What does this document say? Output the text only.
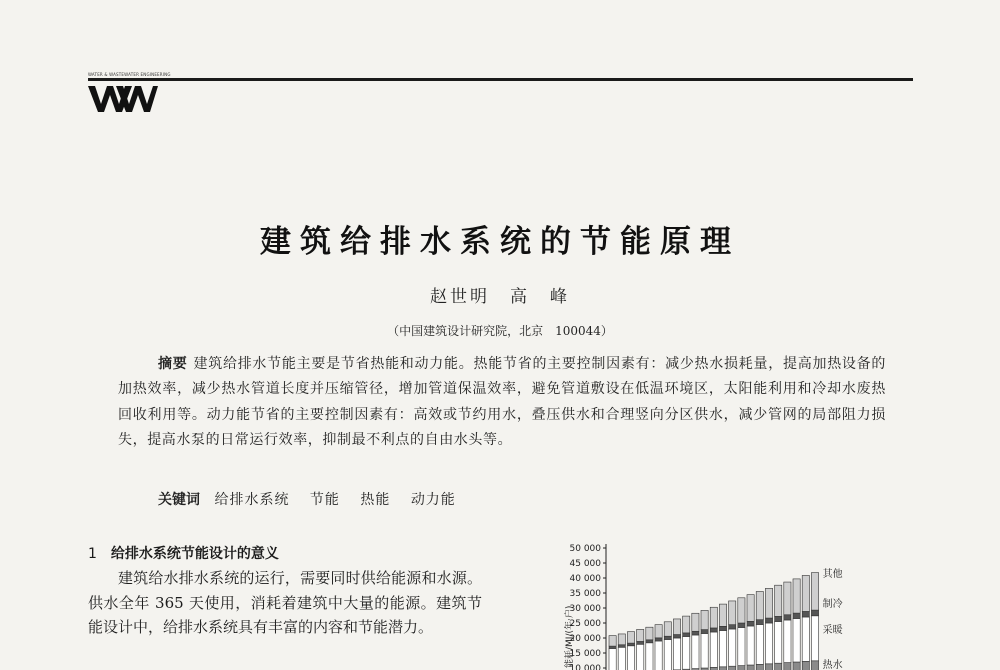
WATER & WASTEWATER ENGINEERING
建筑给排水系统的节能原理
赵世明　高　峰
（中国建筑设计研究院，北京　100044）
摘要 建筑给排水节能主要是节省热能和动力能。热能节省的主要控制因素有：减少热水损耗量，提高加热设备的加热效率，减少热水管道长度并压缩管径，增加管道保温效率，避免管道敷设在低温环境区，太阳能利用和冷却水废热回收利用等。动力能节省的主要控制因素有：高效或节约用水，叠压供水和合理竖向分区供水，减少管网的局部阻力损失，提高水泵的日常运行效率，抑制最不利点的自由水头等。
关键词 给排水系统 节能 热能 动力能
1 给排水系统节能设计的意义

建筑给水排水系统的运行，需要同时供给能源和水源。供水全年 365 天使用，消耗着建筑中大量的能源。建筑节能设计中，给排水系统具有丰富的内容和节能潜力。

50 000
45 000
40 000
35 000
30 000
25 000
20 000
15 000
10 000
能耗/MJ/(年·户)
其他
制冷
采暖
热水
